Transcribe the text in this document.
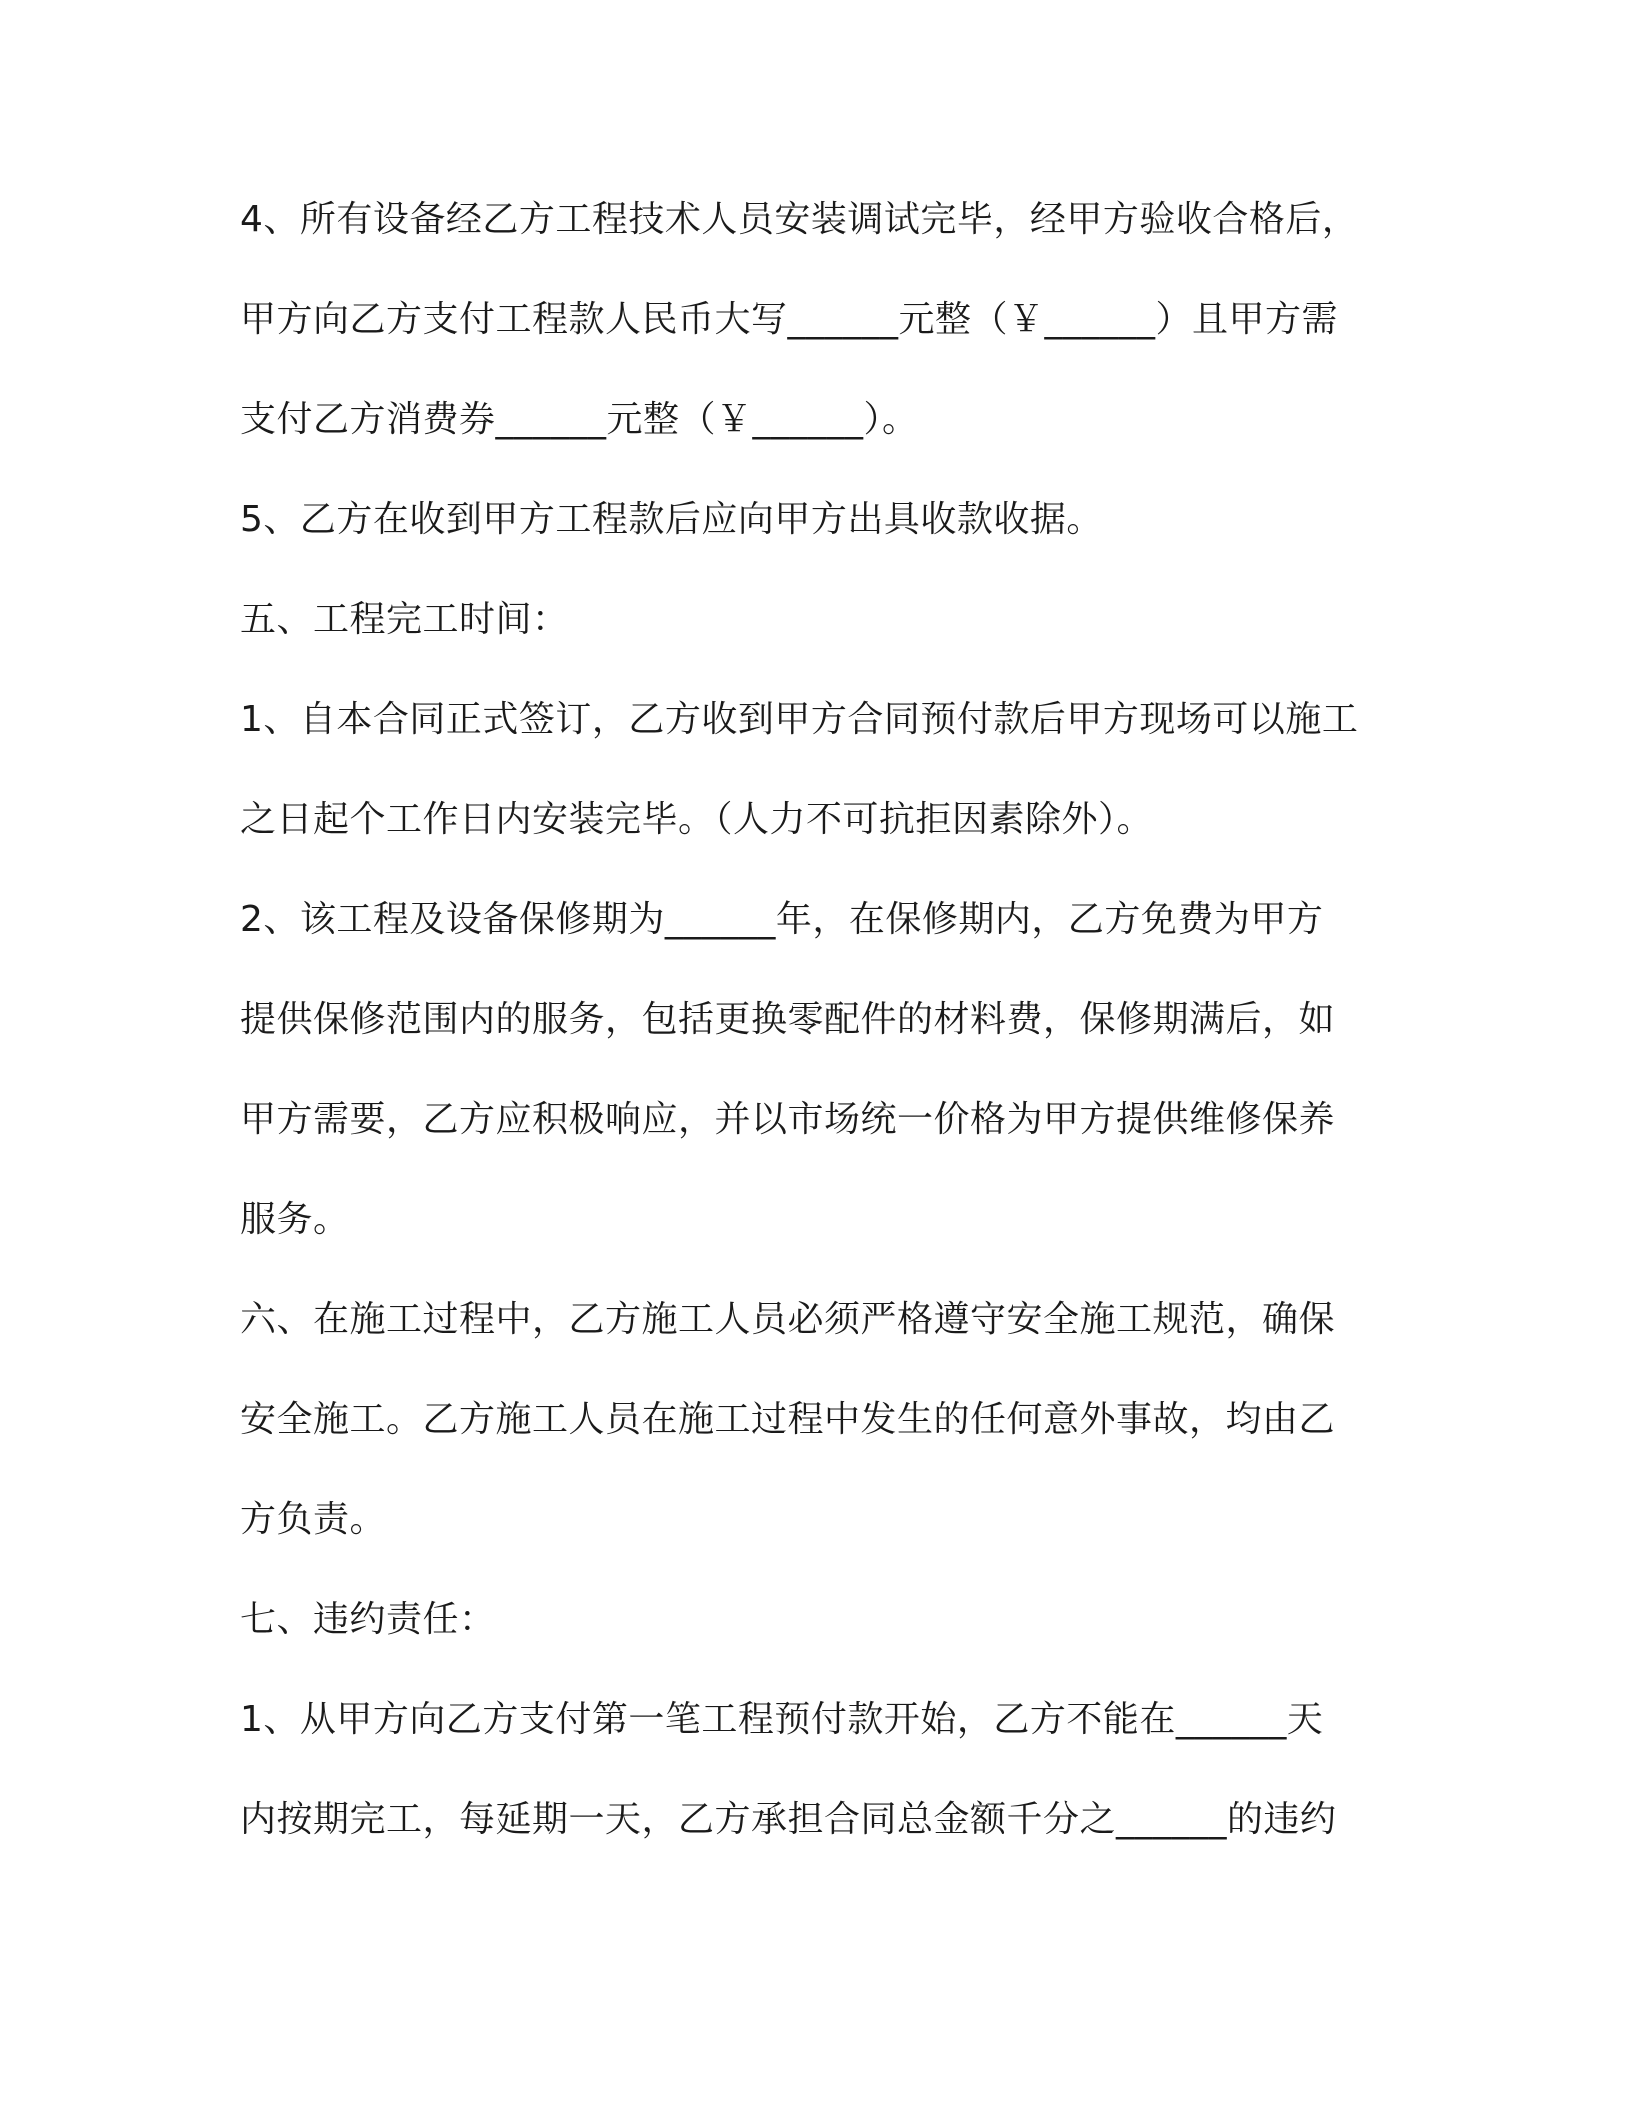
4、所有设备经乙方工程技术人员安装调试完毕，经甲方验收合格后，

甲方向乙方支付工程款人民币大写______元整（￥______）且甲方需

支付乙方消费券______元整（￥______）。

5、乙方在收到甲方工程款后应向甲方出具收款收据。

五、工程完工时间：

1、自本合同正式签订，乙方收到甲方合同预付款后甲方现场可以施工

之日起个工作日内安装完毕。（人力不可抗拒因素除外）。

2、该工程及设备保修期为______年，在保修期内，乙方免费为甲方

提供保修范围内的服务，包括更换零配件的材料费，保修期满后，如

甲方需要，乙方应积极响应，并以市场统一价格为甲方提供维修保养

服务。

六、在施工过程中，乙方施工人员必须严格遵守安全施工规范，确保

安全施工。乙方施工人员在施工过程中发生的任何意外事故，均由乙

方负责。

七、违约责任：

1、从甲方向乙方支付第一笔工程预付款开始，乙方不能在______天

内按期完工，每延期一天，乙方承担合同总金额千分之______的违约
